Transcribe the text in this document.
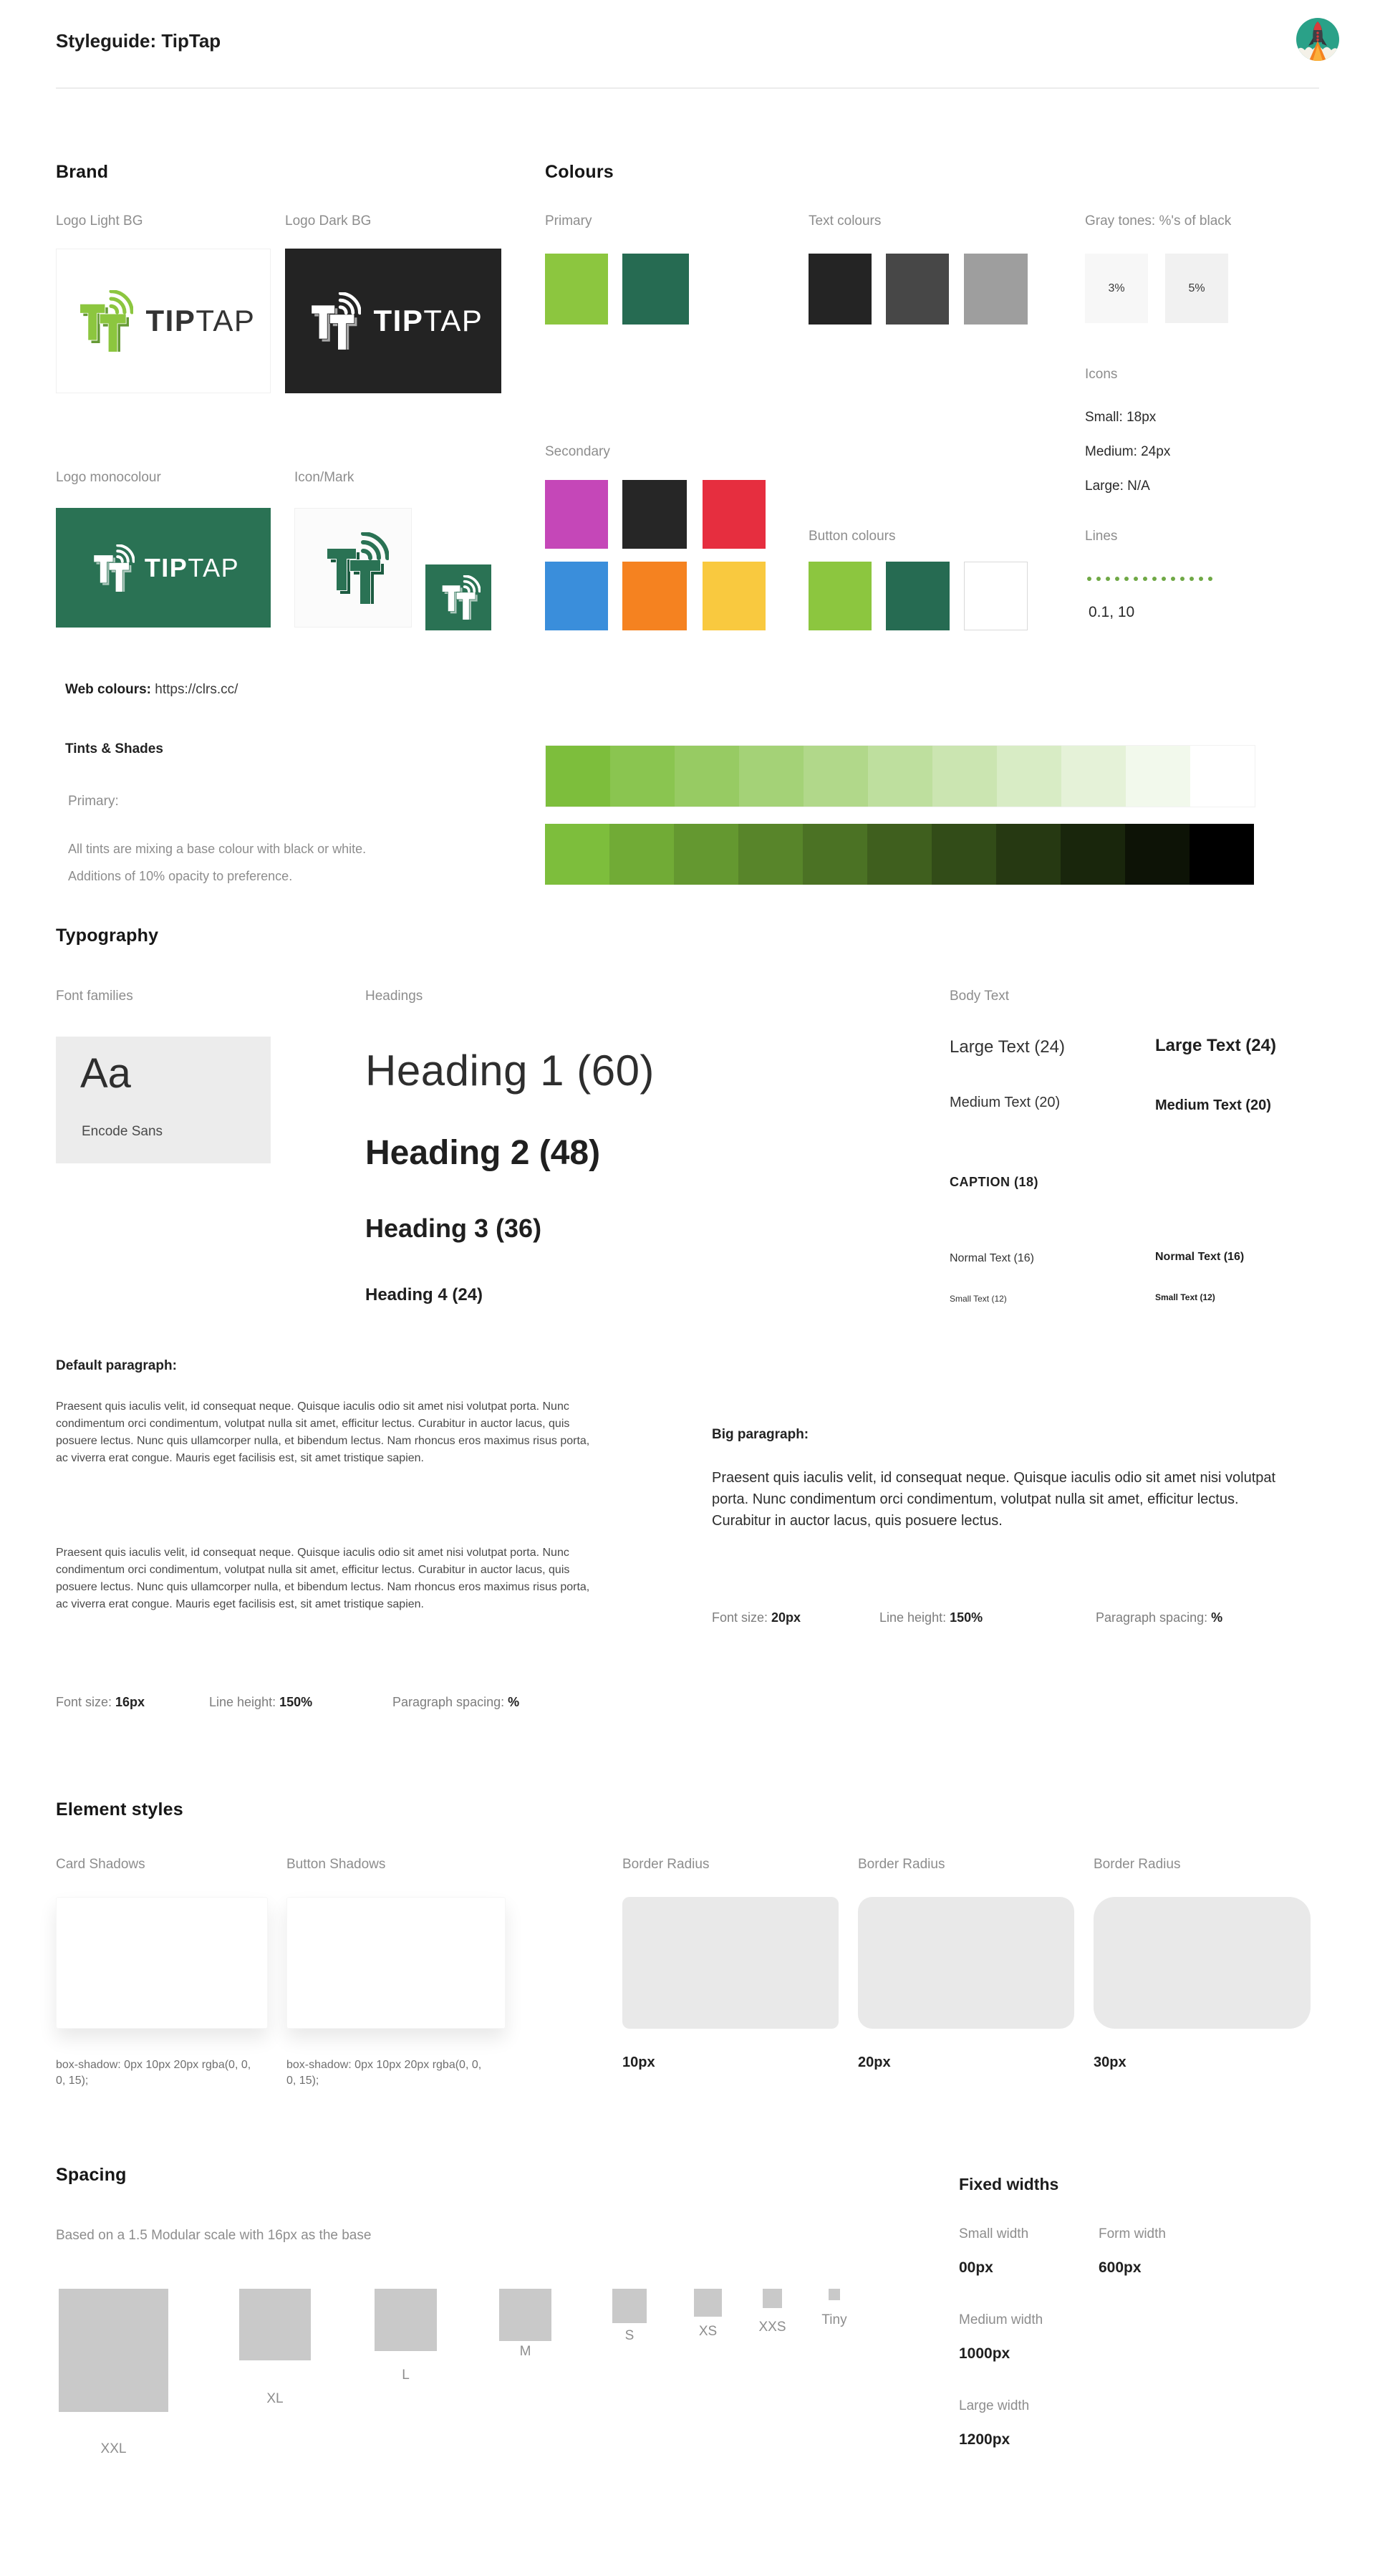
Styleguide: TipTap
Brand
Logo Light BG	Logo Dark BG
TIPTAP	TIPTAP
Logo monocolour	Icon/Mark
TIPTAP
Colours
Primary	Text colours	Gray tones: %'s of black
3%	5%
Icons
Small: 18px
Medium: 24px
Large: N/A
Secondary
Button colours	Lines
0.1, 10
Web colours: https://clrs.cc/
Tints & Shades
Primary:
All tints are mixing a base colour with black or white.
Additions of 10% opacity to preference.
Typography
Font families	Headings
Aa
Encode Sans
Heading 1 (60)
Heading 2 (48)
Heading 3 (36)
Heading 4 (24)
Body Text
Large Text (24)	Large Text (24)
Medium Text (20)	Medium Text (20)
CAPTION (18)
Normal Text (16)	Normal Text (16)
Small Text (12)	Small Text (12)
Default paragraph:
Praesent quis iaculis velit, id consequat neque. Quisque iaculis odio sit amet nisi volutpat porta. Nunc condimentum orci condimentum, volutpat nulla sit amet, efficitur lectus. Curabitur in auctor lacus, quis posuere lectus. Nunc quis ullamcorper nulla, et bibendum lectus. Nam rhoncus eros maximus risus porta, ac viverra erat congue. Mauris eget facilisis est, sit amet tristique sapien.
Praesent quis iaculis velit, id consequat neque. Quisque iaculis odio sit amet nisi volutpat porta. Nunc condimentum orci condimentum, volutpat nulla sit amet, efficitur lectus. Curabitur in auctor lacus, quis posuere lectus. Nunc quis ullamcorper nulla, et bibendum lectus. Nam rhoncus eros maximus risus porta, ac viverra erat congue. Mauris eget facilisis est, sit amet tristique sapien.
Font size: 16px	Line height: 150%	Paragraph spacing: %
Big paragraph:
Praesent quis iaculis velit, id consequat neque. Quisque iaculis odio sit amet nisi volutpat porta. Nunc condimentum orci condimentum, volutpat nulla sit amet, efficitur lectus. Curabitur in auctor lacus, quis posuere lectus.
Font size: 20px	Line height: 150%	Paragraph spacing: %
Element styles
Card Shadows	Button Shadows	Border Radius	Border Radius	Border Radius
box-shadow: 0px 10px 20px rgba(0, 0, 0, 15);
box-shadow: 0px 10px 20px rgba(0, 0, 0, 15);
10px	20px	30px
Spacing
Based on a 1.5 Modular scale with 16px as the base
XXL
XL
L
M
S	XS	XXS	Tiny
Fixed widths
Small width
00px
Form width
600px
Medium width
1000px
Large width
1200px
